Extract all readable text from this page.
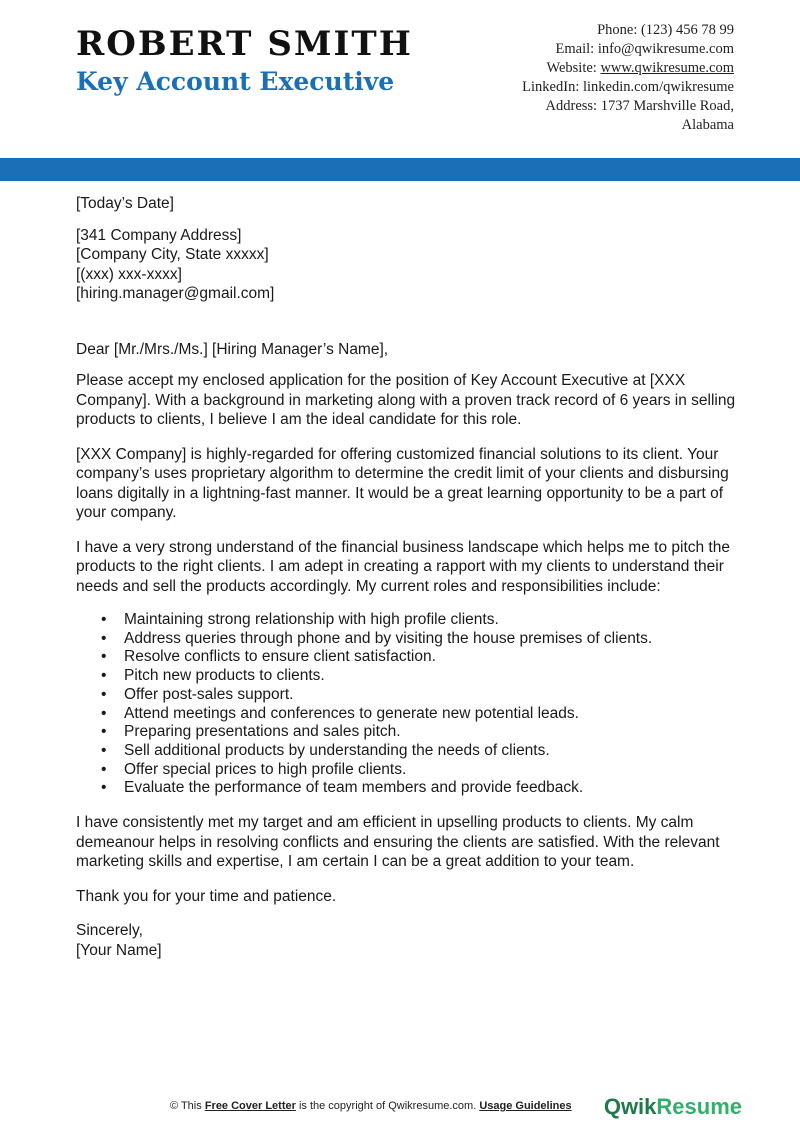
ROBERT SMITH
Key Account Executive
Phone: (123) 456 78 99
Email: info@qwikresume.com
Website: www.qwikresume.com
LinkedIn: linkedin.com/qwikresume
Address: 1737 Marshville Road,
Alabama

[Today’s Date]

[341 Company Address]

[Company City, State xxxxx]

[(xxx) xxx-xxxx]

[hiring.manager@gmail.com]

Dear [Mr./Mrs./Ms.] [Hiring Manager’s Name],

Please accept my enclosed application for the position of Key Account Executive at [XXX Company]. With a background in marketing along with a proven track record of 6 years in selling products to clients, I believe I am the ideal candidate for this role.

[XXX Company] is highly-regarded for offering customized financial solutions to its client. Your company’s uses proprietary algorithm to determine the credit limit of your clients and disbursing loans digitally in a lightning-fast manner. It would be a great learning opportunity to be a part of your company.

I have a very strong understand of the financial business landscape which helps me to pitch the products to the right clients. I am adept in creating a rapport with my clients to understand their needs and sell the products accordingly. My current roles and responsibilities include:

• Maintaining strong relationship with high profile clients.
• Address queries through phone and by visiting the house premises of clients.
• Resolve conflicts to ensure client satisfaction.
• Pitch new products to clients.
• Offer post-sales support.
• Attend meetings and conferences to generate new potential leads.
• Preparing presentations and sales pitch.
• Sell additional products by understanding the needs of clients.
• Offer special prices to high profile clients.
• Evaluate the performance of team members and provide feedback.

I have consistently met my target and am efficient in upselling products to clients. My calm demeanour helps in resolving conflicts and ensuring the clients are satisfied. With the relevant marketing skills and expertise, I am certain I can be a great addition to your team.

Thank you for your time and patience.

Sincerely,

[Your Name]

© This Free Cover Letter is the copyright of Qwikresume.com. Usage Guidelines QwikResume
